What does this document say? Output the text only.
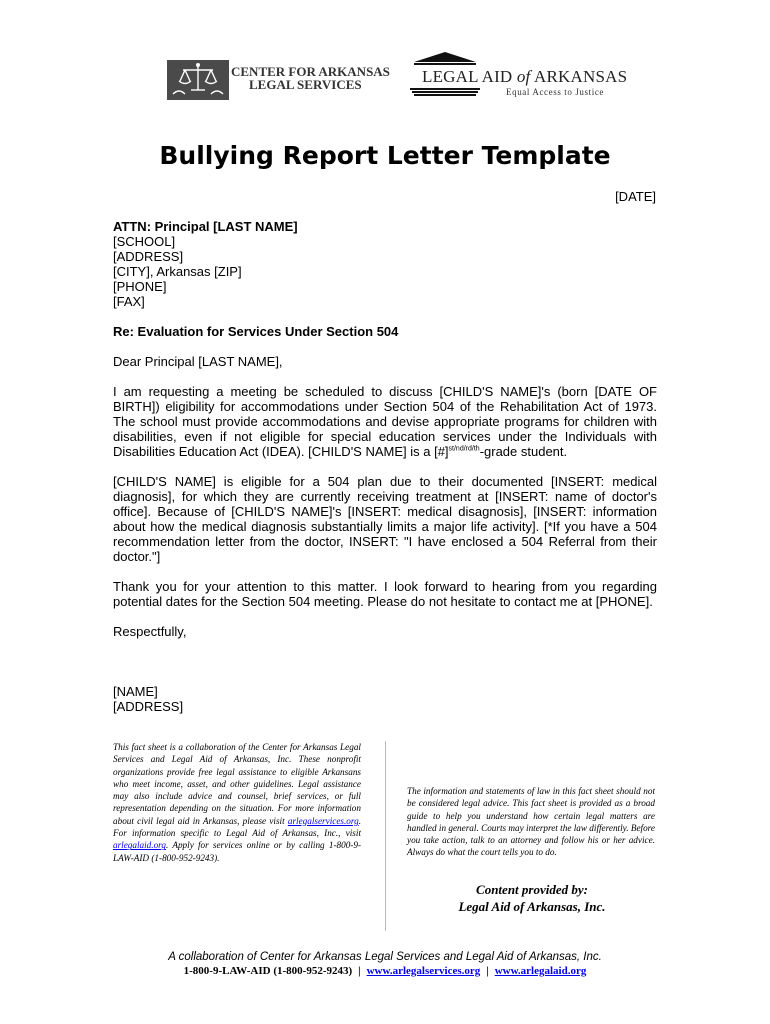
CENTER FOR ARKANSAS
LEGAL SERVICES	LEGAL AID of ARKANSAS
Equal Access to Justice
Bullying Report Letter Template
[DATE]
ATTN: Principal [LAST NAME]
[SCHOOL]
[ADDRESS]
[CITY], Arkansas [ZIP]
[PHONE]
[FAX]

Re: Evaluation for Services Under Section 504

Dear Principal [LAST NAME],

I am requesting a meeting be scheduled to discuss [CHILD'S NAME]'s (born [DATE OF BIRTH]) eligibility for accommodations under Section 504 of the Rehabilitation Act of 1973. The school must provide accommodations and devise appropriate programs for children with disabilities, even if not eligible for special education services under the Individuals with Disabilities Education Act (IDEA). [CHILD'S NAME] is a [#]$^{st/nd/rd/th}$-grade student.

[CHILD'S NAME] is eligible for a 504 plan due to their documented [INSERT: medical diagnosis], for which they are currently receiving treatment at [INSERT: name of doctor's office]. Because of [CHILD'S NAME]'s [INSERT: medical disagnosis], [INSERT: information about how the medical diagnosis substantially limits a major life activity]. [*If you have a 504 recommendation letter from the doctor, INSERT: "I have enclosed a 504 Referral from their doctor."]

Thank you for your attention to this matter. I look forward to hearing from you regarding potential dates for the Section 504 meeting. Please do not hesitate to contact me at [PHONE].

Respectfully,

[NAME]
[ADDRESS]
This fact sheet is a collaboration of the Center for Arkansas Legal Services and Legal Aid of Arkansas, Inc. These nonprofit organizations provide free legal assistance to eligible Arkansans who meet income, asset, and other guidelines. Legal assistance may also include advice and counsel, brief services, or full representation depending on the situation. For more information about civil legal aid in Arkansas, please visit arlegalservices.org. For information specific to Legal Aid of Arkansas, Inc., visit arlegalaid.org. Apply for services online or by calling 1-800-9-LAW-AID (1-800-952-9243).
The information and statements of law in this fact sheet should not be considered legal advice. This fact sheet is provided as a broad guide to help you understand how certain legal matters are handled in general. Courts may interpret the law differently. Before you take action, talk to an attorney and follow his or her advice. Always do what the court tells you to do.
Content provided by:
Legal Aid of Arkansas, Inc.
A collaboration of Center for Arkansas Legal Services and Legal Aid of Arkansas, Inc.
1-800-9-LAW-AID (1-800-952-9243) | www.arlegalservices.org | www.arlegalaid.org
